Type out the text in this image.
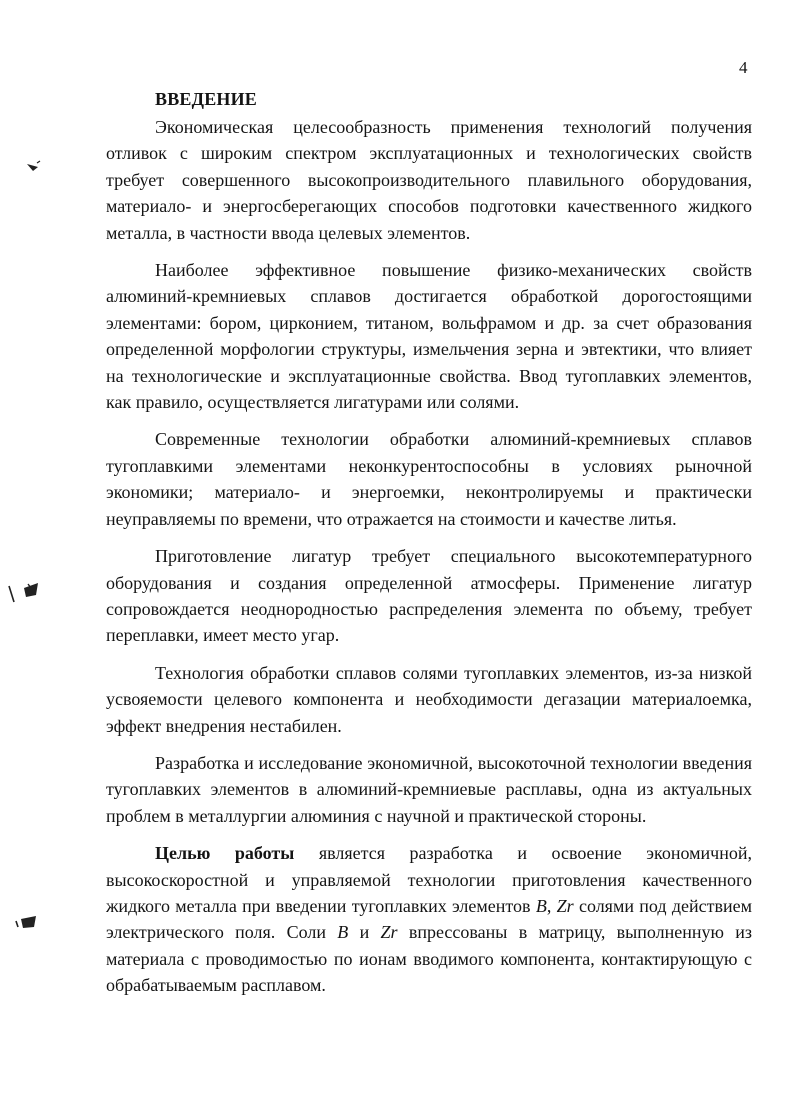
4
ВВЕДЕНИЕ

Экономическая целесообразность применения технологий получения отливок с широким спектром эксплуатационных и технологических свойств требует совершенного высокопроизводительного плавильного оборудования, материало- и энергосберегающих способов подготовки качественного жидкого металла, в частности ввода целевых элементов.

Наиболее эффективное повышение физико-механических свойств алюминий-кремниевых сплавов достигается обработкой дорогостоящими элементами: бором, цирконием, титаном, вольфрамом и др. за счет образования определенной морфологии структуры, измельчения зерна и эвтектики, что влияет на технологические и эксплуатационные свойства. Ввод тугоплавких элементов, как правило, осуществляется лигатурами или солями.

Современные технологии обработки алюминий-кремниевых сплавов тугоплавкими элементами неконкурентоспособны в условиях рыночной экономики; материало- и энергоемки, неконтролируемы и практически неуправляемы по времени, что отражается на стоимости и качестве литья.

Приготовление лигатур требует специального высокотемпературного оборудования и создания определенной атмосферы. Применение лигатур сопровождается неоднородностью распределения элемента по объему, требует переплавки, имеет место угар.

Технология обработки сплавов солями тугоплавких элементов, из-за низкой усвояемости целевого компонента и необходимости дегазации материалоемка, эффект внедрения нестабилен.

Разработка и исследование экономичной, высокоточной технологии введения тугоплавких элементов в алюминий-кремниевые расплавы, одна из актуальных проблем в металлургии алюминия с научной и практической стороны.

Целью работы является разработка и освоение экономичной, высокоскоростной и управляемой технологии приготовления качественного жидкого металла при введении тугоплавких элементов B, Zr солями под действием электрического поля. Соли B и Zr впрессованы в матрицу, выполненную из материала с проводимостью по ионам вводимого компонента, контактирующую с обрабатываемым расплавом.
